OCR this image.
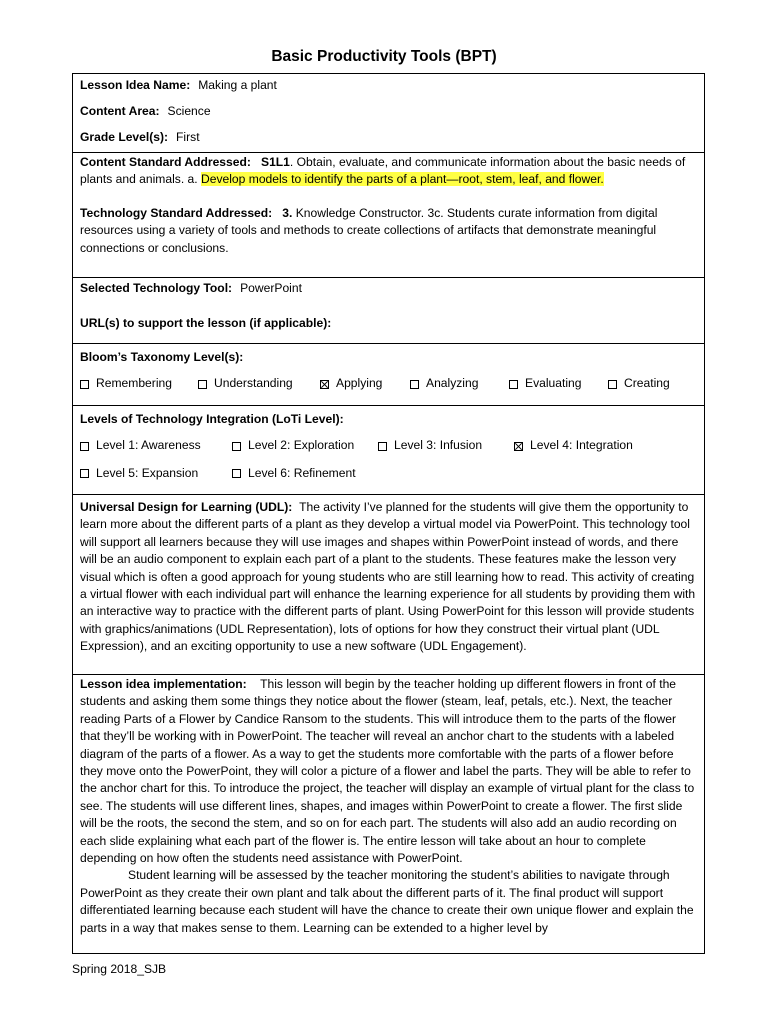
Basic Productivity Tools (BPT)
Lesson Idea Name: Making a plant
Content Area: Science
Grade Level(s): First
Content Standard Addressed: S1L1. Obtain, evaluate, and communicate information about the basic needs of plants and animals. a. Develop models to identify the parts of a plant—root, stem, leaf, and flower.
Technology Standard Addressed: 3. Knowledge Constructor. 3c. Students curate information from digital resources using a variety of tools and methods to create collections of artifacts that demonstrate meaningful connections or conclusions.
Selected Technology Tool: PowerPoint
URL(s) to support the lesson (if applicable):
Bloom’s Taxonomy Level(s):
Remembering	Understanding	Applying	Analyzing	Evaluating	Creating
Levels of Technology Integration (LoTi Level):
Level 1: Awareness	Level 2: Exploration	Level 3: Infusion	Level 4: Integration
Level 5: Expansion	Level 6: Refinement
Universal Design for Learning (UDL): The activity I’ve planned for the students will give them the opportunity to learn more about the different parts of a plant as they develop a virtual model via PowerPoint. This technology tool will support all learners because they will use images and shapes within PowerPoint instead of words, and there will be an audio component to explain each part of a plant to the students. These features make the lesson very visual which is often a good approach for young students who are still learning how to read. This activity of creating a virtual flower with each individual part will enhance the learning experience for all students by providing them with an interactive way to practice with the different parts of plant. Using PowerPoint for this lesson will provide students with graphics/animations (UDL Representation), lots of options for how they construct their virtual plant (UDL Expression), and an exciting opportunity to use a new software (UDL Engagement).
Lesson idea implementation: This lesson will begin by the teacher holding up different flowers in front of the students and asking them some things they notice about the flower (steam, leaf, petals, etc.). Next, the teacher reading Parts of a Flower by Candice Ransom to the students. This will introduce them to the parts of the flower that they’ll be working with in PowerPoint. The teacher will reveal an anchor chart to the students with a labeled diagram of the parts of a flower. As a way to get the students more comfortable with the parts of a flower before they move onto the PowerPoint, they will color a picture of a flower and label the parts. They will be able to refer to the anchor chart for this. To introduce the project, the teacher will display an example of virtual plant for the class to see. The students will use different lines, shapes, and images within PowerPoint to create a flower. The first slide will be the roots, the second the stem, and so on for each part. The students will also add an audio recording on each slide explaining what each part of the flower is. The entire lesson will take about an hour to complete depending on how often the students need assistance with PowerPoint.
Student learning will be assessed by the teacher monitoring the student’s abilities to navigate through PowerPoint as they create their own plant and talk about the different parts of it. The final product will support differentiated learning because each student will have the chance to create their own unique flower and explain the parts in a way that makes sense to them. Learning can be extended to a higher level by
Spring 2018_SJB
